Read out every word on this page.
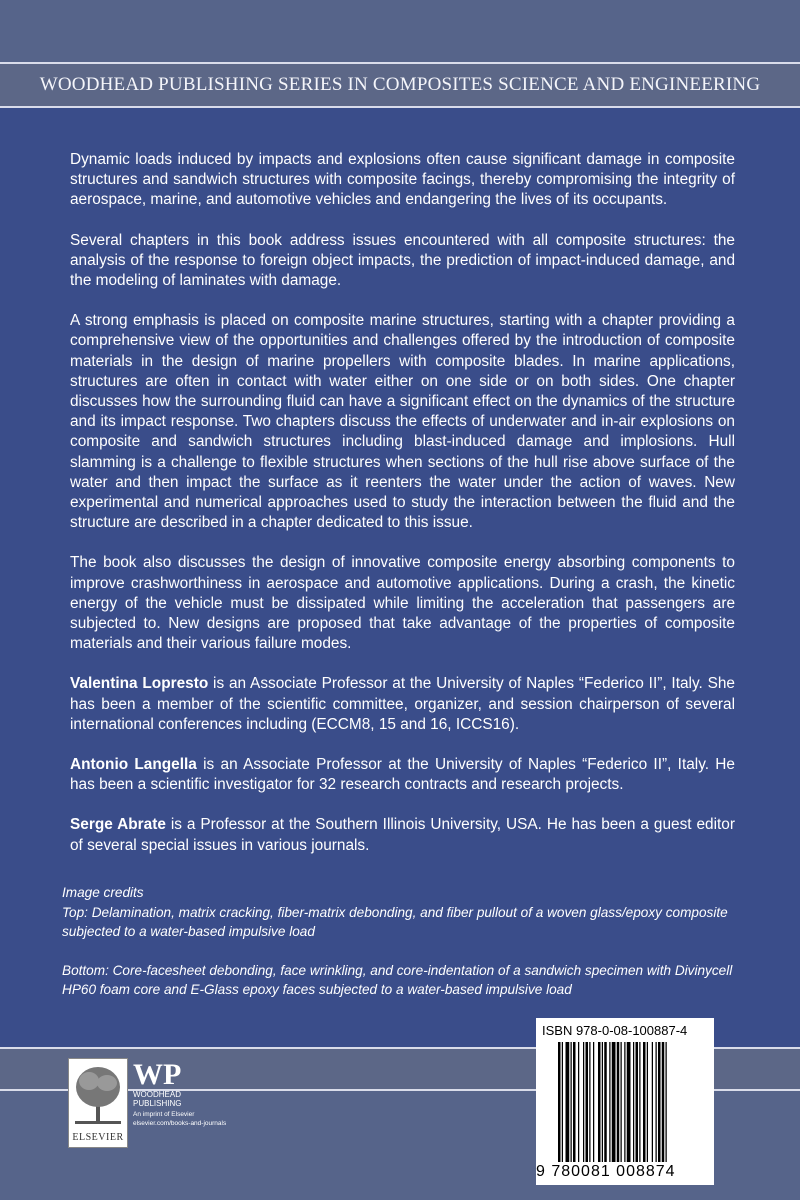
WOODHEAD PUBLISHING SERIES IN COMPOSITES SCIENCE AND ENGINEERING

Dynamic loads induced by impacts and explosions often cause significant damage in composite structures and sandwich structures with composite facings, thereby compromising the integrity of aerospace, marine, and automotive vehicles and endangering the lives of its occupants.

Several chapters in this book address issues encountered with all composite structures: the analysis of the response to foreign object impacts, the prediction of impact-induced damage, and the modeling of laminates with damage.

A strong emphasis is placed on composite marine structures, starting with a chapter providing a comprehensive view of the opportunities and challenges offered by the introduction of composite materials in the design of marine propellers with composite blades. In marine applications, structures are often in contact with water either on one side or on both sides. One chapter discusses how the surrounding fluid can have a significant effect on the dynamics of the structure and its impact response. Two chapters discuss the effects of underwater and in-air explosions on composite and sandwich structures including blast-induced damage and implosions. Hull slamming is a challenge to flexible structures when sections of the hull rise above surface of the water and then impact the surface as it reenters the water under the action of waves. New experimental and numerical approaches used to study the interaction between the fluid and the structure are described in a chapter dedicated to this issue.

The book also discusses the design of innovative composite energy absorbing components to improve crashworthiness in aerospace and automotive applications. During a crash, the kinetic energy of the vehicle must be dissipated while limiting the acceleration that passengers are subjected to. New designs are proposed that take advantage of the properties of composite materials and their various failure modes.

Valentina Lopresto is an Associate Professor at the University of Naples “Federico II”, Italy. She has been a member of the scientific committee, organizer, and session chairperson of several international conferences including (ECCM8, 15 and 16, ICCS16).

Antonio Langella is an Associate Professor at the University of Naples “Federico II”, Italy. He has been a scientific investigator for 32 research contracts and research projects.

Serge Abrate is a Professor at the Southern Illinois University, USA. He has been a guest editor of several special issues in various journals.

Image credits

Top: Delamination, matrix cracking, fiber-matrix debonding, and fiber pullout of a woven glass/epoxy composite subjected to a water-based impulsive load

Bottom: Core-facesheet debonding, face wrinkling, and core-indentation of a sandwich specimen with Divinycell HP60 foam core and E-Glass epoxy faces subjected to a water-based impulsive load

ELSEVIER
WP
WOODHEAD
PUBLISHING
An imprint of Elsevier
elsevier.com/books-and-journals
ISBN 978-0-08-100887-4
9 780081 008874
